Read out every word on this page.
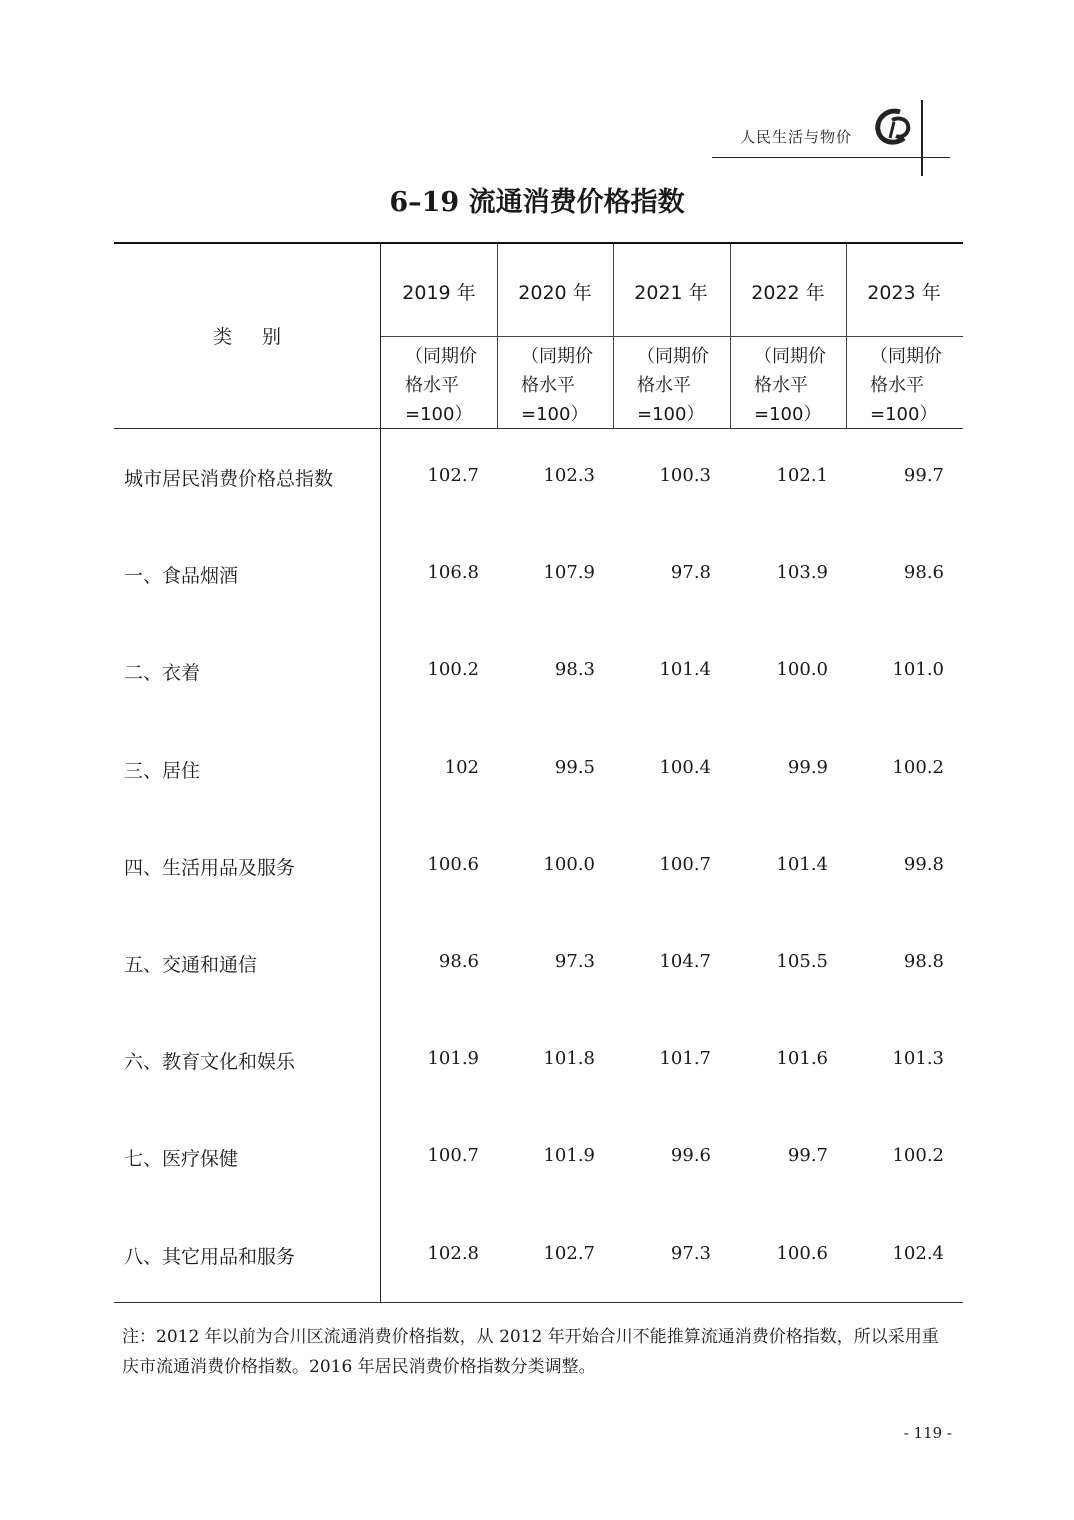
人民生活与物价
6–19 流通消费价格指数
类别
2019 年	2020 年	2021 年	2022 年	2023 年
（同期价
格水平
=100）
（同期价
格水平
=100）
（同期价
格水平
=100）
（同期价
格水平
=100）
（同期价
格水平
=100）
城市居民消费价格总指数	102.7	102.3	100.3	102.1	99.7
一、食品烟酒	106.8	107.9	97.8	103.9	98.6
二、衣着	100.2	98.3	101.4	100.0	101.0
三、居住	102	99.5	100.4	99.9	100.2
四、生活用品及服务	100.6	100.0	100.7	101.4	99.8
五、交通和通信	98.6	97.3	104.7	105.5	98.8
六、教育文化和娱乐	101.9	101.8	101.7	101.6	101.3
七、医疗保健	100.7	101.9	99.6	99.7	100.2
八、其它用品和服务	102.8	102.7	97.3	100.6	102.4
注：2012 年以前为合川区流通消费价格指数，从 2012 年开始合川不能推算流通消费价格指数，所以采用重庆市流通消费价格指数。2016 年居民消费价格指数分类调整。
- 119 -
